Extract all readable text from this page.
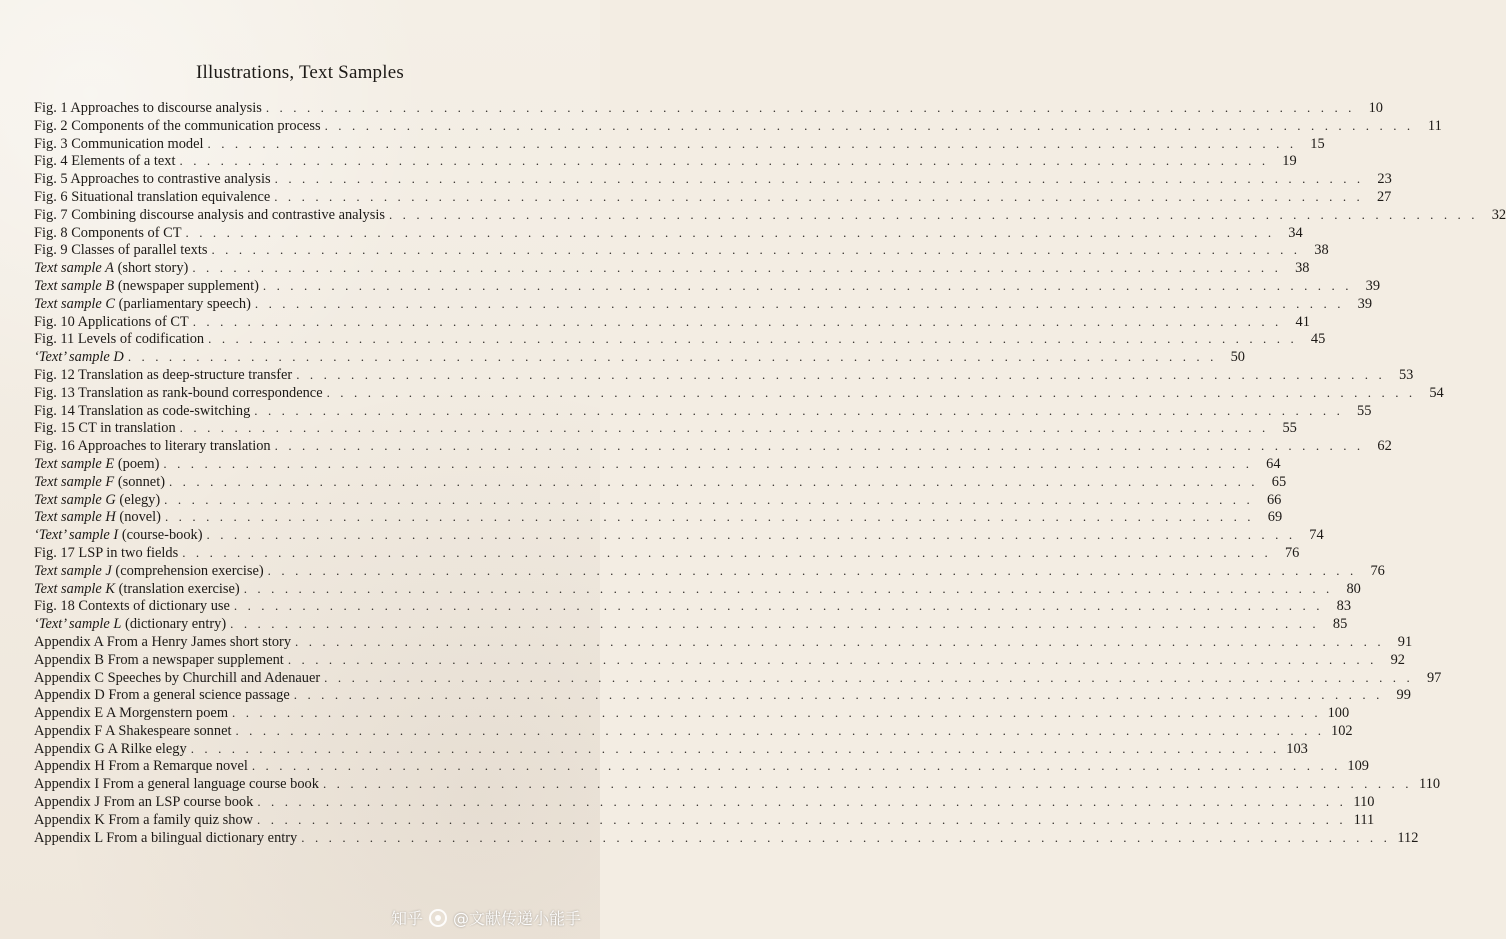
Illustrations, Text Samples
Fig. 1 Approaches to discourse analysis . . . . . . . . . . . . . . . . . . . . . . . . . . . . . . . . . . . . . . . . . . . . . . . . . . . . . . . . . . . . . . . . . . . . . . . . . . . . . . . . 10
Fig. 2 Components of the communication process . . . . . . . . . . . . . . . . . . . . . . . . . . . . . . . . . . . . . . . . . . . . . . . . . . . . . . . . . . . . . . . . . . . . . . . . . . . . . . . . 11
Fig. 3 Communication model . . . . . . . . . . . . . . . . . . . . . . . . . . . . . . . . . . . . . . . . . . . . . . . . . . . . . . . . . . . . . . . . . . . . . . . . . . . . . . . . 15
Fig. 4 Elements of a text . . . . . . . . . . . . . . . . . . . . . . . . . . . . . . . . . . . . . . . . . . . . . . . . . . . . . . . . . . . . . . . . . . . . . . . . . . . . . . . . 19
Fig. 5 Approaches to contrastive analysis . . . . . . . . . . . . . . . . . . . . . . . . . . . . . . . . . . . . . . . . . . . . . . . . . . . . . . . . . . . . . . . . . . . . . . . . . . . . . . . . 23
Fig. 6 Situational translation equivalence . . . . . . . . . . . . . . . . . . . . . . . . . . . . . . . . . . . . . . . . . . . . . . . . . . . . . . . . . . . . . . . . . . . . . . . . . . . . . . . . 27
Fig. 7 Combining discourse analysis and contrastive analysis . . . . . . . . . . . . . . . . . . . . . . . . . . . . . . . . . . . . . . . . . . . . . . . . . . . . . . . . . . . . . . . . . . . . . . . . . . . . . . . . 32
Fig. 8 Components of CT . . . . . . . . . . . . . . . . . . . . . . . . . . . . . . . . . . . . . . . . . . . . . . . . . . . . . . . . . . . . . . . . . . . . . . . . . . . . . . . . 34
Fig. 9 Classes of parallel texts . . . . . . . . . . . . . . . . . . . . . . . . . . . . . . . . . . . . . . . . . . . . . . . . . . . . . . . . . . . . . . . . . . . . . . . . . . . . . . . . 38
Text sample A (short story) . . . . . . . . . . . . . . . . . . . . . . . . . . . . . . . . . . . . . . . . . . . . . . . . . . . . . . . . . . . . . . . . . . . . . . . . . . . . . . . . 38
Text sample B (newspaper supplement) . . . . . . . . . . . . . . . . . . . . . . . . . . . . . . . . . . . . . . . . . . . . . . . . . . . . . . . . . . . . . . . . . . . . . . . . . . . . . . . . 39
Text sample C (parliamentary speech) . . . . . . . . . . . . . . . . . . . . . . . . . . . . . . . . . . . . . . . . . . . . . . . . . . . . . . . . . . . . . . . . . . . . . . . . . . . . . . . . 39
Fig. 10 Applications of CT . . . . . . . . . . . . . . . . . . . . . . . . . . . . . . . . . . . . . . . . . . . . . . . . . . . . . . . . . . . . . . . . . . . . . . . . . . . . . . . . 41
Fig. 11 Levels of codification . . . . . . . . . . . . . . . . . . . . . . . . . . . . . . . . . . . . . . . . . . . . . . . . . . . . . . . . . . . . . . . . . . . . . . . . . . . . . . . . 45
‘Text’ sample D . . . . . . . . . . . . . . . . . . . . . . . . . . . . . . . . . . . . . . . . . . . . . . . . . . . . . . . . . . . . . . . . . . . . . . . . . . . . . . . . 50
Fig. 12 Translation as deep-structure transfer . . . . . . . . . . . . . . . . . . . . . . . . . . . . . . . . . . . . . . . . . . . . . . . . . . . . . . . . . . . . . . . . . . . . . . . . . . . . . . . . 53
Fig. 13 Translation as rank-bound correspondence . . . . . . . . . . . . . . . . . . . . . . . . . . . . . . . . . . . . . . . . . . . . . . . . . . . . . . . . . . . . . . . . . . . . . . . . . . . . . . . . 54
Fig. 14 Translation as code-switching . . . . . . . . . . . . . . . . . . . . . . . . . . . . . . . . . . . . . . . . . . . . . . . . . . . . . . . . . . . . . . . . . . . . . . . . . . . . . . . . 55
Fig. 15 CT in translation . . . . . . . . . . . . . . . . . . . . . . . . . . . . . . . . . . . . . . . . . . . . . . . . . . . . . . . . . . . . . . . . . . . . . . . . . . . . . . . . 55
Fig. 16 Approaches to literary translation . . . . . . . . . . . . . . . . . . . . . . . . . . . . . . . . . . . . . . . . . . . . . . . . . . . . . . . . . . . . . . . . . . . . . . . . . . . . . . . . 62
Text sample E (poem) . . . . . . . . . . . . . . . . . . . . . . . . . . . . . . . . . . . . . . . . . . . . . . . . . . . . . . . . . . . . . . . . . . . . . . . . . . . . . . . . 64
Text sample F (sonnet) . . . . . . . . . . . . . . . . . . . . . . . . . . . . . . . . . . . . . . . . . . . . . . . . . . . . . . . . . . . . . . . . . . . . . . . . . . . . . . . . 65
Text sample G (elegy) . . . . . . . . . . . . . . . . . . . . . . . . . . . . . . . . . . . . . . . . . . . . . . . . . . . . . . . . . . . . . . . . . . . . . . . . . . . . . . . . 66
Text sample H (novel) . . . . . . . . . . . . . . . . . . . . . . . . . . . . . . . . . . . . . . . . . . . . . . . . . . . . . . . . . . . . . . . . . . . . . . . . . . . . . . . . 69
‘Text’ sample I (course-book) . . . . . . . . . . . . . . . . . . . . . . . . . . . . . . . . . . . . . . . . . . . . . . . . . . . . . . . . . . . . . . . . . . . . . . . . . . . . . . . . 74
Fig. 17 LSP in two fields . . . . . . . . . . . . . . . . . . . . . . . . . . . . . . . . . . . . . . . . . . . . . . . . . . . . . . . . . . . . . . . . . . . . . . . . . . . . . . . . 76
Text sample J (comprehension exercise) . . . . . . . . . . . . . . . . . . . . . . . . . . . . . . . . . . . . . . . . . . . . . . . . . . . . . . . . . . . . . . . . . . . . . . . . . . . . . . . . 76
Text sample K (translation exercise) . . . . . . . . . . . . . . . . . . . . . . . . . . . . . . . . . . . . . . . . . . . . . . . . . . . . . . . . . . . . . . . . . . . . . . . . . . . . . . . . 80
Fig. 18 Contexts of dictionary use . . . . . . . . . . . . . . . . . . . . . . . . . . . . . . . . . . . . . . . . . . . . . . . . . . . . . . . . . . . . . . . . . . . . . . . . . . . . . . . . 83
‘Text’ sample L (dictionary entry) . . . . . . . . . . . . . . . . . . . . . . . . . . . . . . . . . . . . . . . . . . . . . . . . . . . . . . . . . . . . . . . . . . . . . . . . . . . . . . . . 85
Appendix A From a Henry James short story . . . . . . . . . . . . . . . . . . . . . . . . . . . . . . . . . . . . . . . . . . . . . . . . . . . . . . . . . . . . . . . . . . . . . . . . . . . . . . . . 91
Appendix B From a newspaper supplement . . . . . . . . . . . . . . . . . . . . . . . . . . . . . . . . . . . . . . . . . . . . . . . . . . . . . . . . . . . . . . . . . . . . . . . . . . . . . . . . 92
Appendix C Speeches by Churchill and Adenauer . . . . . . . . . . . . . . . . . . . . . . . . . . . . . . . . . . . . . . . . . . . . . . . . . . . . . . . . . . . . . . . . . . . . . . . . . . . . . . . . 97
Appendix D From a general science passage . . . . . . . . . . . . . . . . . . . . . . . . . . . . . . . . . . . . . . . . . . . . . . . . . . . . . . . . . . . . . . . . . . . . . . . . . . . . . . . . 99
Appendix E A Morgenstern poem . . . . . . . . . . . . . . . . . . . . . . . . . . . . . . . . . . . . . . . . . . . . . . . . . . . . . . . . . . . . . . . . . . . . . . . . . . . . . . . . 100
Appendix F A Shakespeare sonnet . . . . . . . . . . . . . . . . . . . . . . . . . . . . . . . . . . . . . . . . . . . . . . . . . . . . . . . . . . . . . . . . . . . . . . . . . . . . . . . . 102
Appendix G A Rilke elegy . . . . . . . . . . . . . . . . . . . . . . . . . . . . . . . . . . . . . . . . . . . . . . . . . . . . . . . . . . . . . . . . . . . . . . . . . . . . . . . . 103
Appendix H From a Remarque novel . . . . . . . . . . . . . . . . . . . . . . . . . . . . . . . . . . . . . . . . . . . . . . . . . . . . . . . . . . . . . . . . . . . . . . . . . . . . . . . . 109
Appendix I From a general language course book . . . . . . . . . . . . . . . . . . . . . . . . . . . . . . . . . . . . . . . . . . . . . . . . . . . . . . . . . . . . . . . . . . . . . . . . . . . . . . . . 110
Appendix J From an LSP course book . . . . . . . . . . . . . . . . . . . . . . . . . . . . . . . . . . . . . . . . . . . . . . . . . . . . . . . . . . . . . . . . . . . . . . . . . . . . . . . . 110
Appendix K From a family quiz show . . . . . . . . . . . . . . . . . . . . . . . . . . . . . . . . . . . . . . . . . . . . . . . . . . . . . . . . . . . . . . . . . . . . . . . . . . . . . . . . 111
Appendix L From a bilingual dictionary entry . . . . . . . . . . . . . . . . . . . . . . . . . . . . . . . . . . . . . . . . . . . . . . . . . . . . . . . . . . . . . . . . . . . . . . . . . . . . . . . . 112
知乎 @文献传递小能手
